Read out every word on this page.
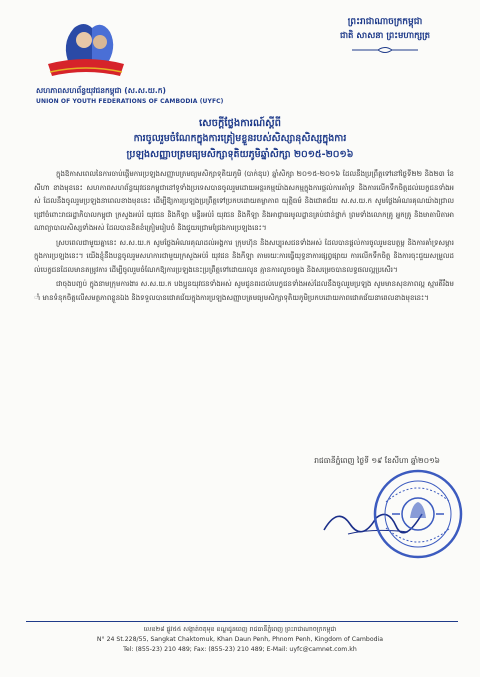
សហភាពសហព័ន្ធយុវជនកម្ពុជា (ស.ស.យ.ក)
UNION OF YOUTH FEDERATIONS OF CAMBODIA (UYFC)
ព្រះរាជាណាចក្រកម្ពុជា
ជាតិ សាសនា ព្រះមហាក្សត្រ
សេចក្តីថ្លែងការណ៍ស្តីពី
ការចូលរួមចំណែកក្នុងការត្រៀមខ្លួនរបស់សិស្សានុសិស្សក្នុងការ
ប្រឡងសញ្ញាបត្រមធ្យមសិក្សាទុតិយភូមិឆ្នាំសិក្សា ២០១៥-២០១៦

ក្នុងឱកាសពេលនៃការចាប់ផ្តើមការប្រឡងសញ្ញាបត្រមធ្យមសិក្សាទុតិយភូមិ (បាក់ឌុប) ឆ្នាំសិក្សា ២០១៥-២០១៦ ដែលនឹងប្រព្រឹត្តទៅនៅថ្ងៃទី២២ និង២៣ ខែសីហា ខាងមុខនេះ សហភាពសហព័ន្ធយុវជនកម្ពុជានៅទូទាំងប្រទេសបានចូលរួមដោយអន្តរកម្មយ៉ាងសកម្មក្នុងការផ្តល់ការគាំទ្រ និងការលើកទឹកចិត្តដល់បេក្ខជនទាំងអស់ ដែលនឹងចូលរួមប្រឡងនាពេលខាងមុខនេះ ដើម្បីឱ្យការប្រឡងប្រព្រឹត្តទៅប្រកបដោយតម្លាភាព យុត្តិធម៌ និងជោគជ័យ ស.ស.យ.ក សូមថ្លែងអំណរគុណយ៉ាងជ្រាលជ្រៅចំពោះរាជរដ្ឋាភិបាលកម្ពុជា ក្រសួងអប់រំ យុវជន និងកីឡា មន្ទីរអប់រំ យុវជន និងកីឡា និងអាជ្ញាធរមូលដ្ឋានគ្រប់ជាន់ថ្នាក់ ព្រមទាំងលោកគ្រូ អ្នកគ្រូ និងមាតាបិតាអាណាព្យាបាលសិស្សទាំងអស់ ដែលបានខិតខំត្រៀមរៀបចំ និងជួយជ្រោមជ្រែងការប្រឡងនេះ។

ស្របពេលជាមួយគ្នានេះ ស.ស.យ.ក សូមថ្លែងអំណរគុណដល់អង្គការ ក្រុមហ៊ុន និងសប្បុរសជនទាំងអស់ ដែលបានផ្តល់ការចូលរួមឧបត្ថម្ភ និងការគាំទ្រសម្ភារ ក្នុងការប្រឡងនេះ។ យើងខ្ញុំនឹងបន្តចូលរួមសហការជាមួយក្រសួងអប់រំ យុវជន និងកីឡា តាមរយៈការធ្វើយុទ្ធនាការផ្សព្វផ្សាយ ការលើកទឹកចិត្ត និងការចុះជួយសម្រួលដល់បេក្ខជនដែលមានតម្រូវការ ដើម្បីចូលរួមចំណែកឱ្យការប្រឡងនេះប្រព្រឹត្តទៅដោយរលូន គ្មានការលួចចម្លង និងសម្រេចបានលទ្ធផលល្អប្រសើរ។

ជាចុងបញ្ចប់ ក្នុងនាមក្រុមការងារ ស.ស.យ.ក បងប្អូនយុវជនទាំងអស់ សូមជូនពរដល់បេក្ខជនទាំងអស់ដែលនឹងចូលរួមប្រឡង សូមមានសុខភាពល្អ ស្មារតីរឹងមាំ មានទំនុកចិត្តលើសមត្ថភាពខ្លួនឯង និងទទួលបានជោគជ័យក្នុងការប្រឡងសញ្ញាបត្រមធ្យមសិក្សាទុតិយភូមិប្រកបដោយភាពជោគជ័យនាពេលខាងមុខនេះ។

រាជធានីភ្នំពេញ ថ្ងៃទី ១៩ ខែសីហា ឆ្នាំ២០១៦
លេខ២៨ ផ្លូវ៥៥ សង្កាត់ចតុមុខ ខណ្ឌដូនពេញ រាជធានីភ្នំពេញ ព្រះរាជាណាចក្រកម្ពុជា
N° 24 St.228/55, Sangkat Chaktomuk, Khan Daun Penh, Phnom Penh, Kingdom of Cambodia
Tel: (855-23) 210 489; Fax: (855-23) 210 489; E-Mail: uyfc@camnet.com.kh
